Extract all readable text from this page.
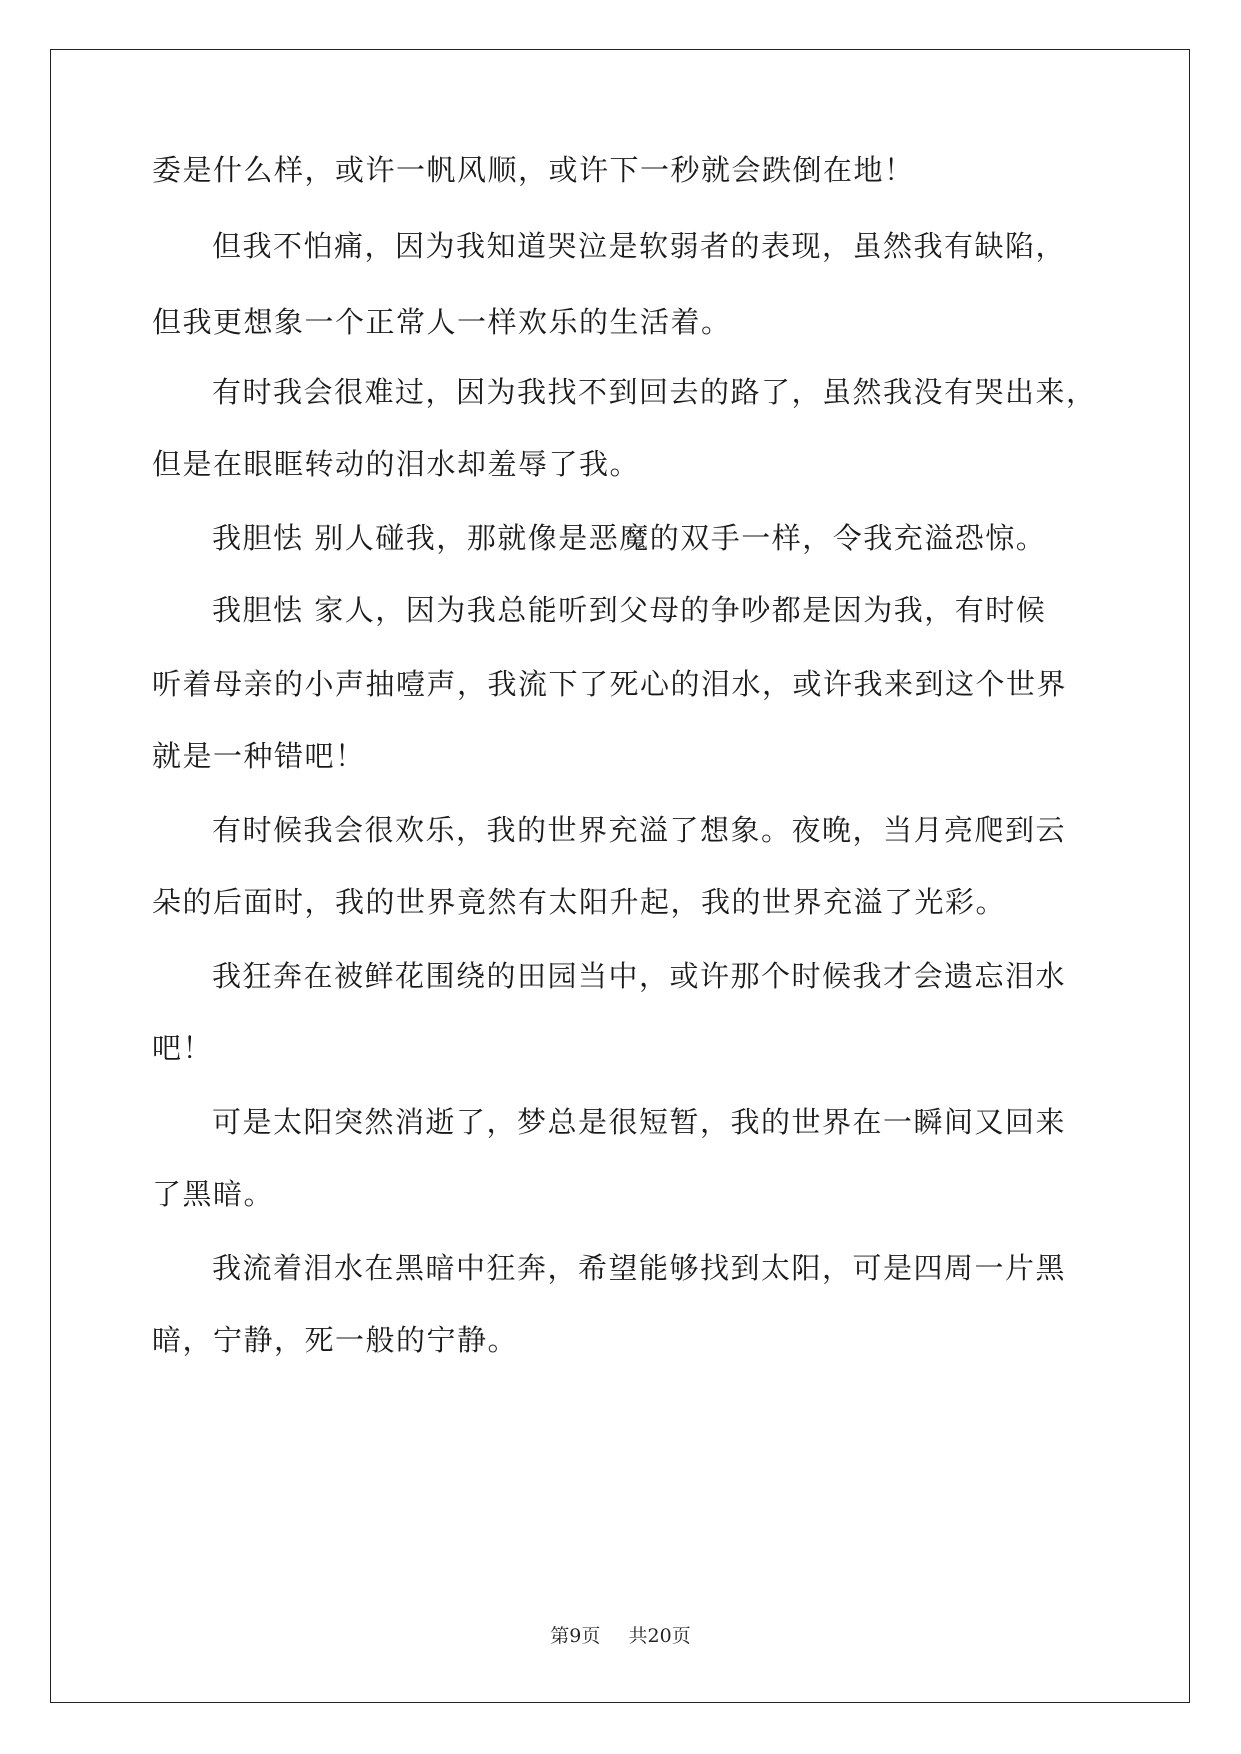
委是什么样，或许一帆风顺，或许下一秒就会跌倒在地！
但我不怕痛，因为我知道哭泣是软弱者的表现，虽然我有缺陷，
但我更想象一个正常人一样欢乐的生活着。
有时我会很难过，因为我找不到回去的路了，虽然我没有哭出来，
但是在眼眶转动的泪水却羞辱了我。
我胆怯 别人碰我，那就像是恶魔的双手一样，令我充溢恐惊。
我胆怯 家人，因为我总能听到父母的争吵都是因为我，有时候
听着母亲的小声抽噎声，我流下了死心的泪水，或许我来到这个世界
就是一种错吧！
有时候我会很欢乐，我的世界充溢了想象。夜晚，当月亮爬到云
朵的后面时，我的世界竟然有太阳升起，我的世界充溢了光彩。
我狂奔在被鲜花围绕的田园当中，或许那个时候我才会遗忘泪水
吧！
可是太阳突然消逝了，梦总是很短暂，我的世界在一瞬间又回来
了黑暗。
我流着泪水在黑暗中狂奔，希望能够找到太阳，可是四周一片黑
暗，宁静，死一般的宁静。
第9页 共20页
